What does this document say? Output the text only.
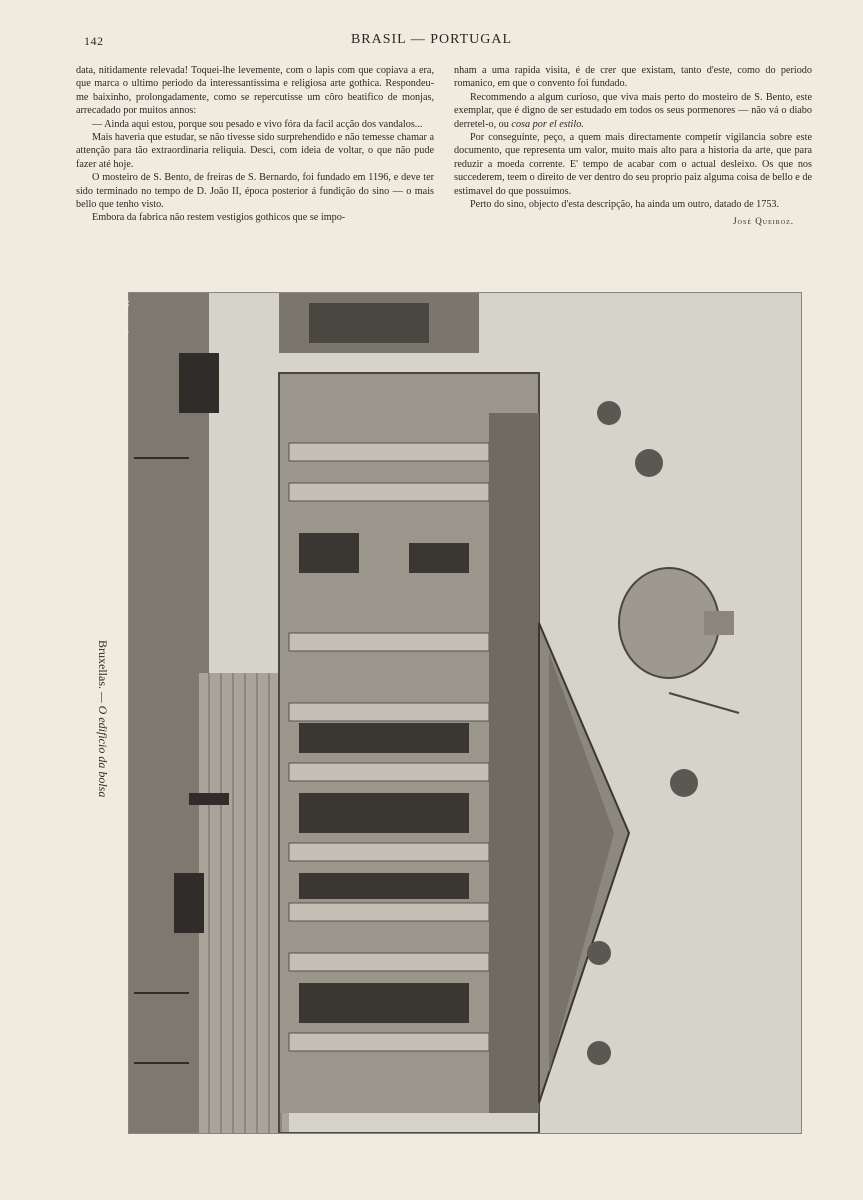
142	BRASIL — PORTUGAL

data, nitidamente relevada! Toquei-lhe levemente, com o lapis com que copiava a era, que marca o ultimo periodo da interessantissima e religiosa arte gothica. Respondeu-me baixinho, prolongadamente, como se repercutisse um côro beatifico de monjas, arrecadado por muitos annos:

— Ainda aqui estou, porque sou pesado e vivo fóra da facil acção dos vandalos...

Mais haveria que estudar, se não tivesse sido surprehendido e não temesse chamar a attenção para tão extraordinaria reliquia. Desci, com ideia de voltar, o que não pude fazer até hoje.

O mosteiro de S. Bento, de freiras de S. Bernardo, foi fundado em 1196, e deve ter sido terminado no tempo de D. João II, época posterior á fundição do sino — o mais bello que tenho visto.

Embora da fabrica não restem vestigios gothicos que se impo-

nham a uma rapida visita, é de crer que existam, tanto d'este, como do periodo romanico, em que o convento foi fundado.

Recommendo a algum curioso, que viva mais perto do mosteiro de S. Bento, este exemplar, que é digno de ser estudado em todos os seus pormenores — não vá o diabo derretel-o, ou cosa por el estilo.

Por conseguinte, peço, a quem mais directamente competir vigilancia sobre este documento, que representa um valor, muito mais alto para a historia da arte, que para reduzir a moeda corrente. E' tempo de acabar com o actual desleixo. Os que nos succederem, teem o direito de ver dentro do seu proprio paiz alguma coisa de bello e de estimavel do que possuimos.

Perto do sino, objecto d'esta descripção, ha ainda um outro, datado de 1753.

José Queiroz.
Bruxellas. — O edificio da bolsa
Mec. . ..o cir
